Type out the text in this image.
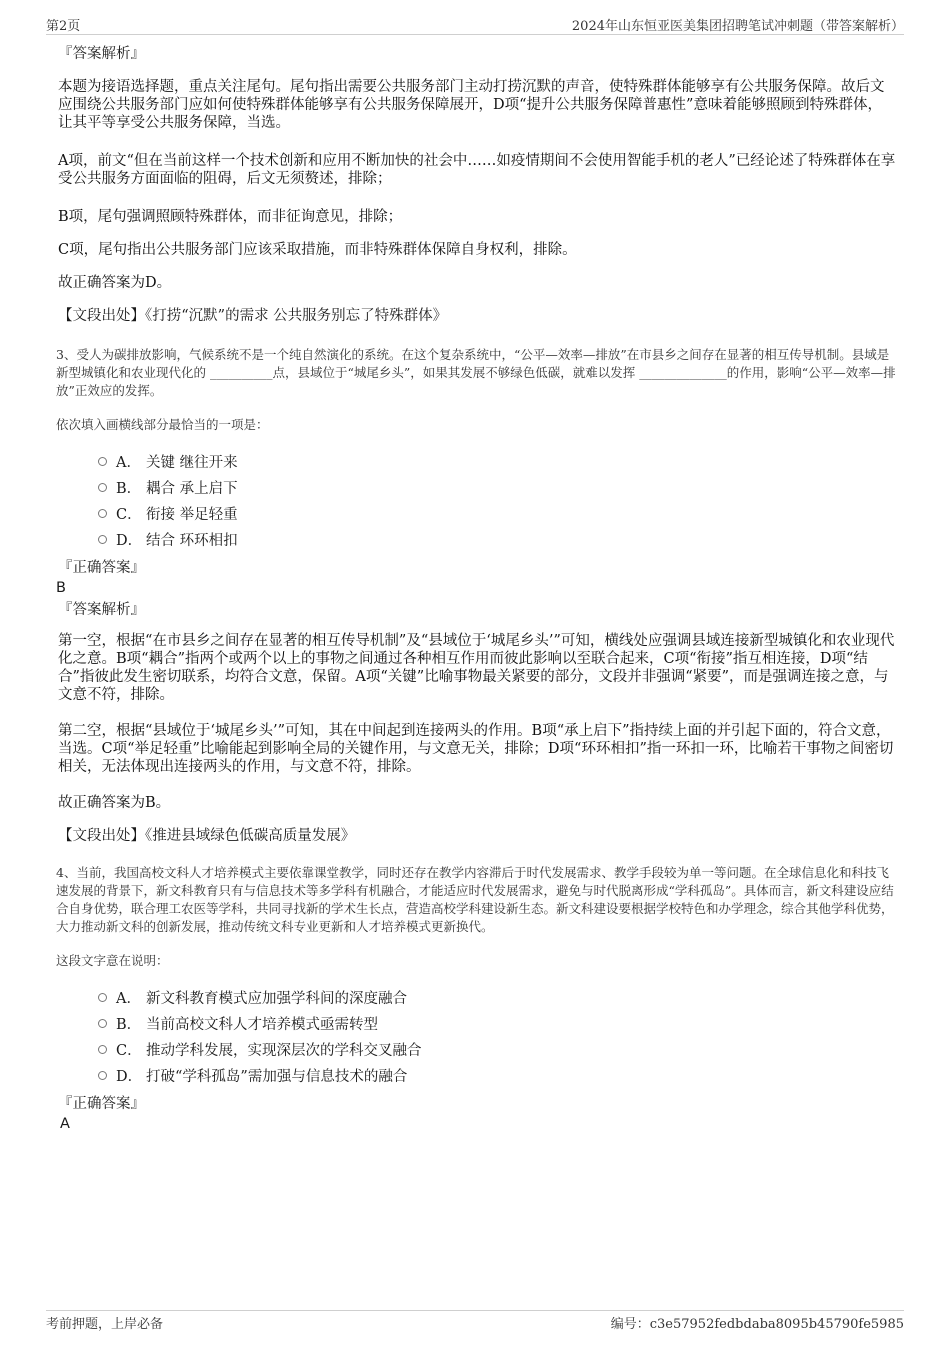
第2页	2024年山东恒亚医美集团招聘笔试冲刺题（带答案解析）
『答案解析』

本题为接语选择题，重点关注尾句。尾句指出需要公共服务部门主动打捞沉默的声音，使特殊群体能够享有公共服务保障。故后文应围绕公共服务部门应如何使特殊群体能够享有公共服务保障展开，D项“提升公共服务保障普惠性”意味着能够照顾到特殊群体，让其平等享受公共服务保障，当选。

A项，前文“但在当前这样一个技术创新和应用不断加快的社会中……如疫情期间不会使用智能手机的老人”已经论述了特殊群体在享受公共服务方面面临的阻碍，后文无须赘述，排除；

B项，尾句强调照顾特殊群体，而非征询意见，排除；

C项，尾句指出公共服务部门应该采取措施，而非特殊群体保障自身权利，排除。

故正确答案为D。

【文段出处】《打捞“沉默”的需求 公共服务别忘了特殊群体》
3、受人为碳排放影响，气候系统不是一个纯自然演化的系统。在这个复杂系统中，“公平—效率—排放”在市县乡之间存在显著的相互传导机制。县域是新型城镇化和农业现代化的 __________点，县域位于“城尾乡头”，如果其发展不够绿色低碳，就难以发挥 ______________的作用，影响“公平—效率—排放”正效应的发挥。
依次填入画横线部分最恰当的一项是：
A． 关键 继往开来
B． 耦合 承上启下
C． 衔接 举足轻重
D． 结合 环环相扣
『正确答案』
B
『答案解析』

第一空，根据“在市县乡之间存在显著的相互传导机制”及“县域位于‘城尾乡头’”可知，横线处应强调县域连接新型城镇化和农业现代化之意。B项“耦合”指两个或两个以上的事物之间通过各种相互作用而彼此影响以至联合起来，C项“衔接”指互相连接，D项“结合”指彼此发生密切联系，均符合文意，保留。A项“关键”比喻事物最关紧要的部分，文段并非强调“紧要”，而是强调连接之意，与文意不符，排除。

第二空，根据“县域位于‘城尾乡头’”可知，其在中间起到连接两头的作用。B项“承上启下”指持续上面的并引起下面的，符合文意，当选。C项“举足轻重”比喻能起到影响全局的关键作用，与文意无关，排除；D项“环环相扣”指一环扣一环，比喻若干事物之间密切相关，无法体现出连接两头的作用，与文意不符，排除。

故正确答案为B。

【文段出处】《推进县域绿色低碳高质量发展》
4、当前，我国高校文科人才培养模式主要依靠课堂教学，同时还存在教学内容滞后于时代发展需求、教学手段较为单一等问题。在全球信息化和科技飞速发展的背景下，新文科教育只有与信息技术等多学科有机融合，才能适应时代发展需求，避免与时代脱离形成“学科孤岛”。具体而言，新文科建设应结合自身优势，联合理工农医等学科，共同寻找新的学术生长点，营造高校学科建设新生态。新文科建设要根据学校特色和办学理念，综合其他学科优势，大力推动新文科的创新发展，推动传统文科专业更新和人才培养模式更新换代。
这段文字意在说明：
A． 新文科教育模式应加强学科间的深度融合
B． 当前高校文科人才培养模式亟需转型
C． 推动学科发展，实现深层次的学科交叉融合
D． 打破“学科孤岛”需加强与信息技术的融合
『正确答案』
A
考前押题，上岸必备	编号：c3e57952fedbdaba8095b45790fe5985
